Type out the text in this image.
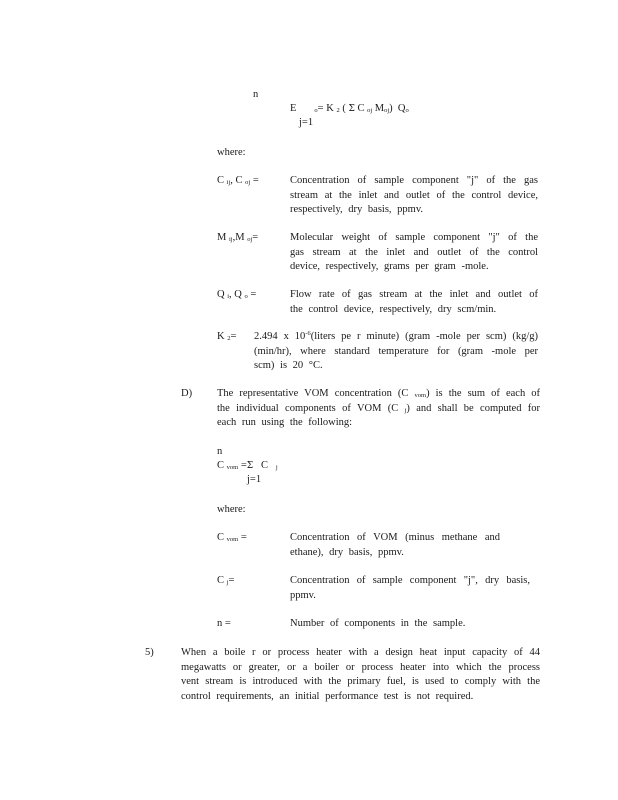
n
E	$_o$= K $_2$ ( Σ C $_{oj}$ $M_{oj}$) $Q_o$
j=1
where:
C $_{ij}$, C $_{oj}$ =	Concentration of sample component "j" of the gas stream at the inlet and outlet of the control device, respectively, dry basis, ppmv.
M $_{ij}$,M $_{oj}$=	Molecular weight of sample component "j" of the gas stream at the inlet and outlet of the control device, respectively, grams per gram -mole.
Q $_i$, Q $_o$ =	Flow rate of gas stream at the inlet and outlet of the control device, respectively, dry scm/min.
K $_2$= 2.494 x $10^{-6}(liters$ pe r minute) (gram -mole per scm) (kg/g) (min/hr), where standard temperature for (gram -mole per scm) is 20 °C.
D) The representative VOM concentration (C $_{vom}$) is the sum of each of the individual components of VOM (C $_j$) and shall be computed for each run using the following:
n
C $_{vom}$ =Σ C $_j$
j=1
where:
C $_{vom}$ =	Concentration of VOM (minus methane and ethane), dry basis, ppmv.
C $_j$=	Concentration of sample component "j", dry basis, ppmv.
n =	Number of components in the sample.
5)	When a boile r or process heater with a design heat input capacity of 44 megawatts or greater, or a boiler or process heater into which the process vent stream is introduced with the primary fuel, is used to comply with the control requirements, an initial performance test is not required.
